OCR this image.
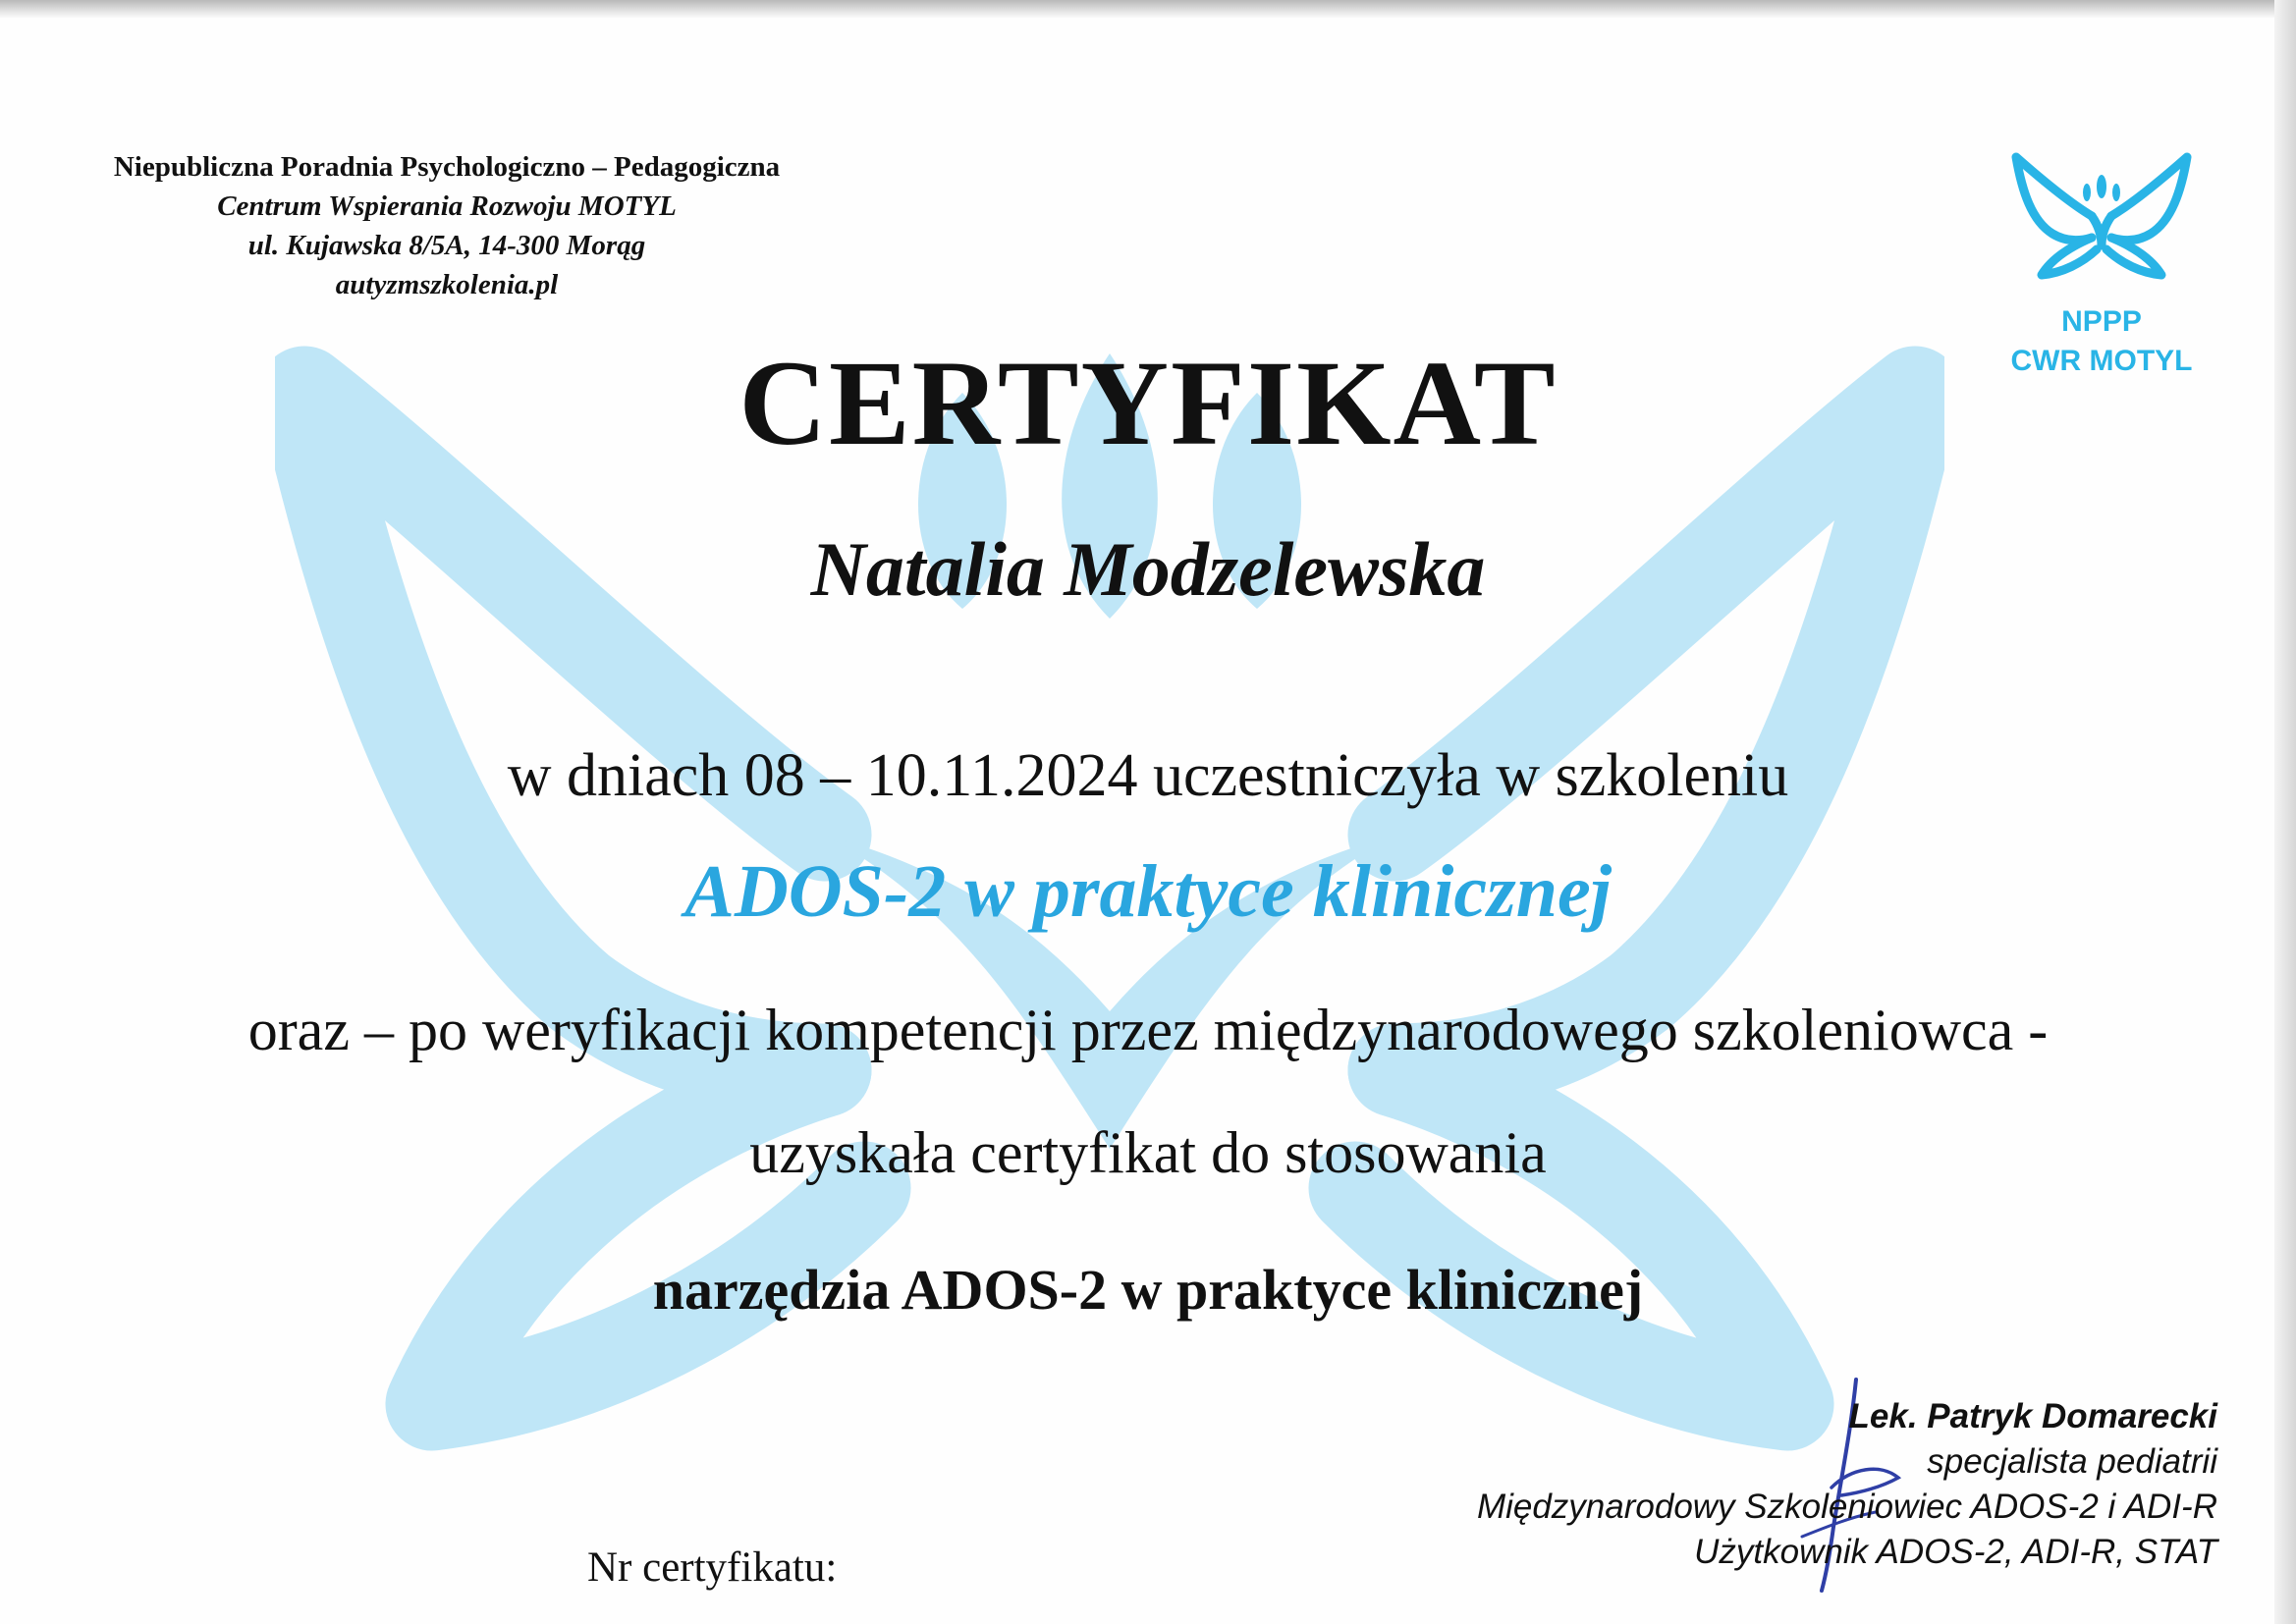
Niepubliczna Poradnia Psychologiczno – Pedagogiczna
Centrum Wspierania Rozwoju MOTYL
ul. Kujawska 8/5A, 14-300 Morąg
autyzmszkolenia.pl
NPPP
CWR MOTYL
CERTYFIKAT
Natalia Modzelewska
w dniach 08 – 10.11.2024 uczestniczyła w szkoleniu
ADOS-2 w praktyce klinicznej
oraz – po weryfikacji kompetencji przez międzynarodowego szkoleniowca -
uzyskała certyfikat do stosowania
narzędzia ADOS-2 w praktyce klinicznej
Lek. Patryk Domarecki
specjalista pediatrii
Międzynarodowy Szkoleniowiec ADOS-2 i ADI-R
Użytkownik ADOS-2, ADI-R, STAT
Nr certyfikatu:
